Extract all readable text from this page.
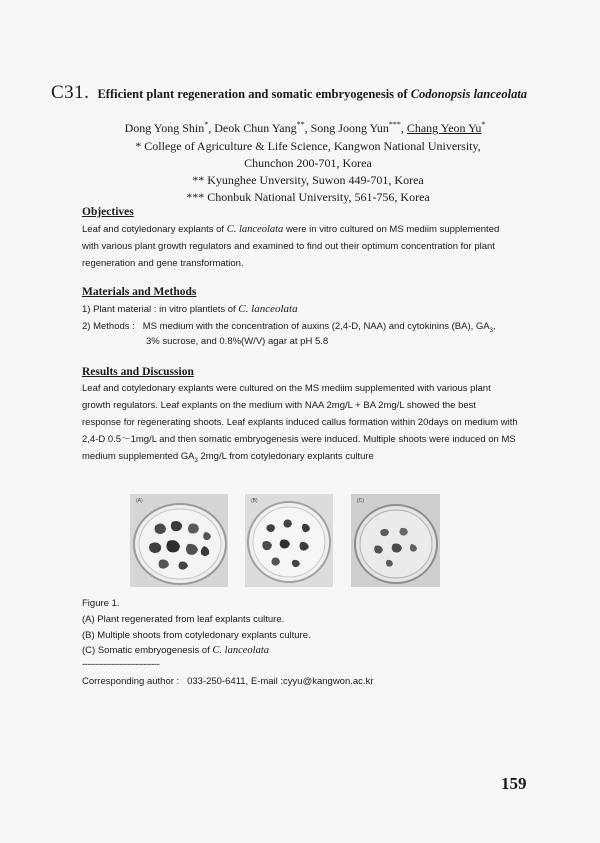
C31. Efficient plant regeneration and somatic embryogenesis of Codonopsis lanceolata
Dong Yong Shin*, Deok Chun Yang**, Song Joong Yun***, Chang Yeon Yu*
* College of Agriculture & Life Science, Kangwon National University,
Chunchon 200-701, Korea
** Kyunghee Unversity, Suwon 449-701, Korea
*** Chonbuk National University, 561-756, Korea
Objectives
Leaf and cotyledonary explants of C. lanceolata were in vitro cultured on MS mediim supplemented
with various plant growth regulators and examined to find out their optimum concentration for plant
regeneration and gene transformation.
Materials and Methods
1) Plant material : in vitro plantlets of C. lanceolata
2) Methods : MS medium with the concentration of auxins (2,4-D, NAA) and cytokinins (BA), $GA_3$,
3% sucrose, and 0.8%(W/V) agar at pH 5.8
Results and Discussion
Leaf and cotyledonary explants were cultured on the MS mediim supplemented with various plant
growth regulators. Leaf explants on the medium with NAA 2mg/L + BA 2mg/L showed the best
response for regenerating shoots. Leaf explants induced callus formation within 20days on medium with
2,4-D 0.5～1mg/L and then somatic embryogenesis were induced. Multiple shoots were induced on MS
medium supplemented $GA_3$ 2mg/L from cotyledonary explants culture
(A)	(B)	(C)
Figure 1.
(A) Plant regenerated from leaf explants culture.
(B) Multiple shoots from cotyledonary explants culture.
(C) Somatic embryogenesis of C. lanceolata
-----------------------------
Corresponding author : 033-250-6411, E-mail :cyyu@kangwon.ac.kr
159
